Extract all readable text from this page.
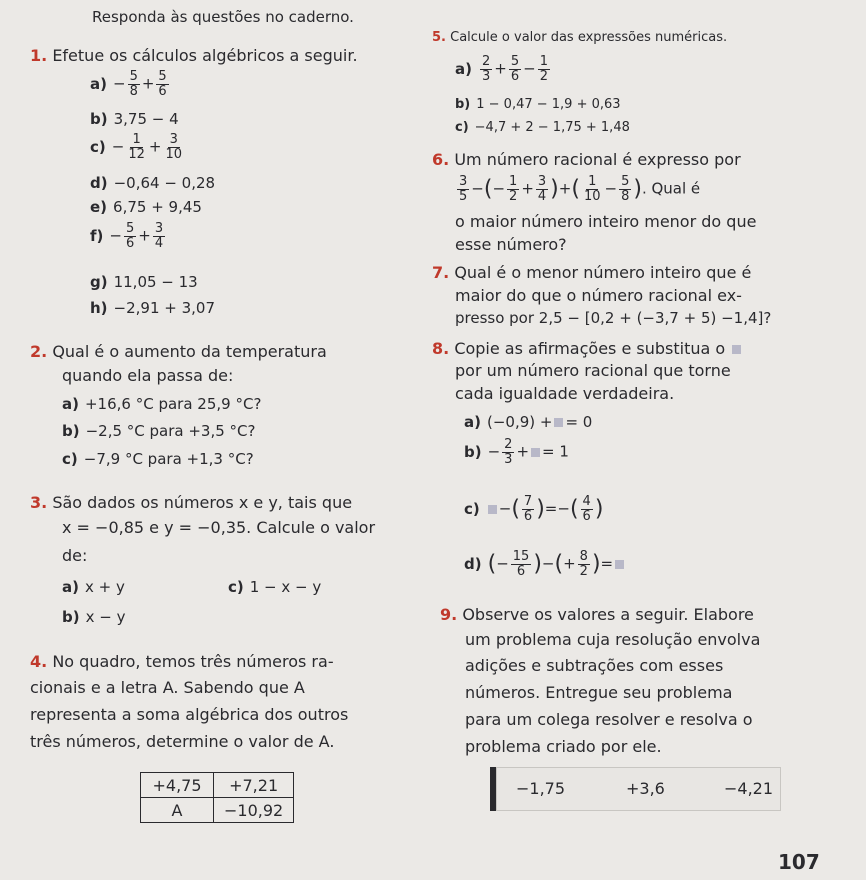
Responda às questões no caderno.
1. Efetue os cálculos algébricos a seguir.
$a) - \frac{5}{8} + \frac{5}{6}$
b) 3,75 − 4
$c) - \frac{1}{12} + \frac{3}{10}$
d) −0,64 − 0,28
e) 6,75 + 9,45
$f) - \frac{5}{6} + \frac{3}{4}$
g) 11,05 − 13
h) −2,91 + 3,07
2. Qual é o aumento da temperatura
quando ela passa de:
a) +16,6 °C para 25,9 °C?
b) −2,5 °C para +3,5 °C?
c) −7,9 °C para +1,3 °C?
3. São dados os números x e y, tais que
x = −0,85 e y = −0,35. Calcule o valor
de:
a) x + y	c) 1 − x − y
b) x − y
4. No quadro, temos três números ra-
cionais e a letra A. Sabendo que A
representa a soma algébrica dos outros
três números, determine o valor de A.
+4,75	+7,21
A	−10,92
5. Calcule o valor das expressões numéricas.
$a) \frac{2}{3} + \frac{5}{6} - \frac{1}{2}$
b) 1 − 0,47 − 1,9 + 0,63
c) −4,7 + 2 − 1,75 + 1,48
6. Um número racional é expresso por
$\frac{3}{5}$ −(− $\frac{1}{2} + \frac{3}{4}$ )+( $\frac{1}{10} - \frac{5}{8}$ ). Qual é
o maior número inteiro menor do que
esse número?
7. Qual é o menor número inteiro que é
maior do que o número racional ex-
presso por 2,5 − [0,2 + (−3,7 + 5) −1,4]?
8. Copie as afirmações e substitua o
por um número racional que torne
cada igualdade verdadeira.
a) (−0,9) + = 0
$b) - \frac{2}{3}$ + = 1
c) −( $\frac{7}{6}$ )=−( $\frac{4}{6}$ )
d) (− $\frac{15}{6}$ )−(+ $\frac{8}{2}$ )=
9. Observe os valores a seguir. Elabore
um problema cuja resolução envolva
adições e subtrações com esses
números. Entregue seu problema
para um colega resolver e resolva o
problema criado por ele.
−1,75	+3,6	−4,21
107
